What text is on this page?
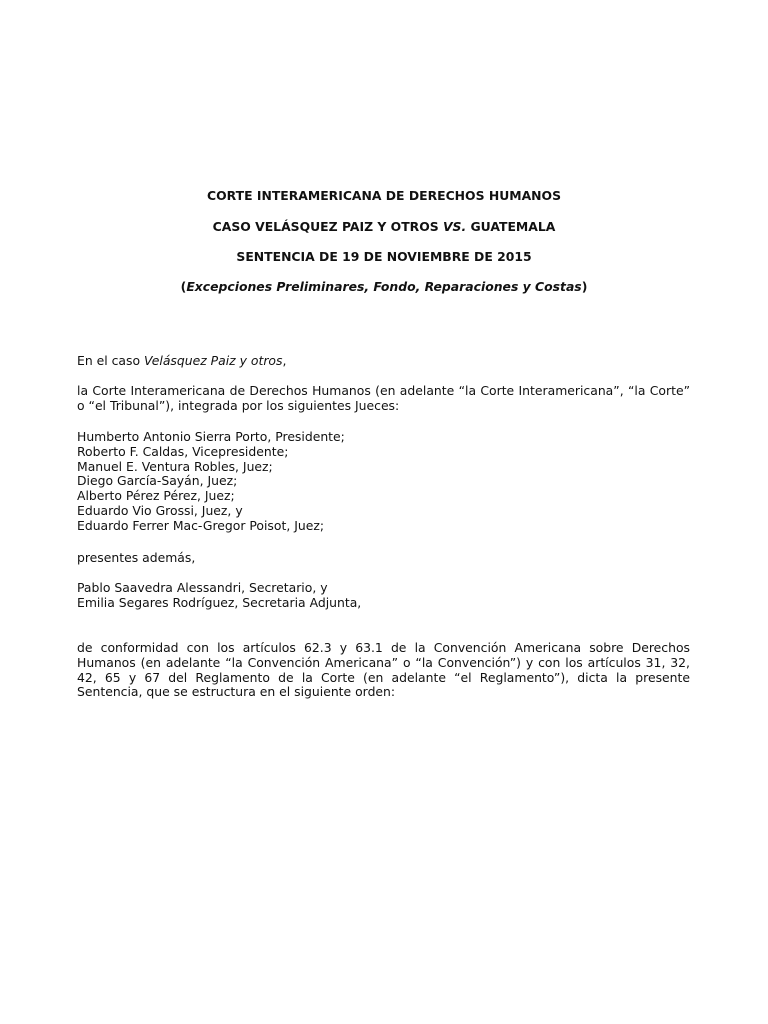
CORTE INTERAMERICANA DE DERECHOS HUMANOS
CASO VELÁSQUEZ PAIZ Y OTROS VS. GUATEMALA
SENTENCIA DE 19 DE NOVIEMBRE DE 2015
(Excepciones Preliminares, Fondo, Reparaciones y Costas)
En el caso Velásquez Paiz y otros,
la Corte Interamericana de Derechos Humanos (en adelante “la Corte Interamericana”, “la Corte” o “el Tribunal”), integrada por los siguientes Jueces:
Humberto Antonio Sierra Porto, Presidente;
Roberto F. Caldas, Vicepresidente;
Manuel E. Ventura Robles, Juez;
Diego García-Sayán, Juez;
Alberto Pérez Pérez, Juez;
Eduardo Vio Grossi, Juez, y
Eduardo Ferrer Mac-Gregor Poisot, Juez;
presentes además,
Pablo Saavedra Alessandri, Secretario, y
Emilia Segares Rodríguez, Secretaria Adjunta,
de conformidad con los artículos 62.3 y 63.1 de la Convención Americana sobre Derechos Humanos (en adelante “la Convención Americana” o “la Convención”) y con los artículos 31, 32, 42, 65 y 67 del Reglamento de la Corte (en adelante “el Reglamento”), dicta la presente Sentencia, que se estructura en el siguiente orden:
